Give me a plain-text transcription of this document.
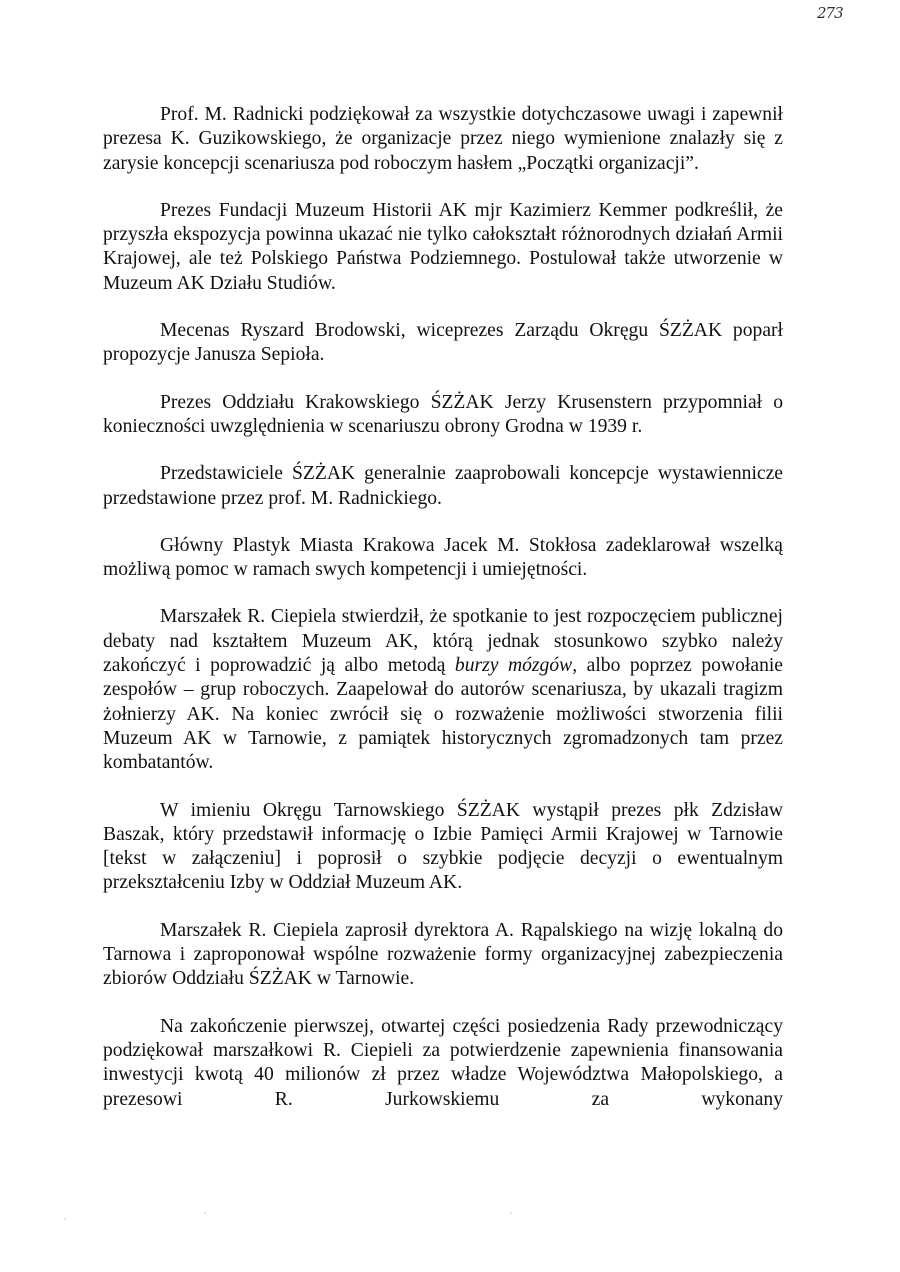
273

Prof. M. Radnicki podziękował za wszystkie dotychczasowe uwagi i zapewnił prezesa K. Guzikowskiego, że organizacje przez niego wymienione znalazły się z zarysie koncepcji scenariusza pod roboczym hasłem „Początki organizacji”.

Prezes Fundacji Muzeum Historii AK mjr Kazimierz Kemmer podkreślił, że przyszła ekspozycja powinna ukazać nie tylko całokształt różnorodnych działań Armii Krajowej, ale też Polskiego Państwa Podziemnego. Postulował także utworzenie w Muzeum AK Działu Studiów.

Mecenas Ryszard Brodowski, wiceprezes Zarządu Okręgu ŚZŻAK poparł propozycje Janusza Sepioła.

Prezes Oddziału Krakowskiego ŚZŻAK Jerzy Krusenstern przypomniał o konieczności uwzględnienia w scenariuszu obrony Grodna w 1939 r.

Przedstawiciele ŚZŻAK generalnie zaaprobowali koncepcje wystawiennicze przedstawione przez prof. M. Radnickiego.

Główny Plastyk Miasta Krakowa Jacek M. Stokłosa zadeklarował wszelką możliwą pomoc w ramach swych kompetencji i umiejętności.

Marszałek R. Ciepiela stwierdził, że spotkanie to jest rozpoczęciem publicznej debaty nad kształtem Muzeum AK, którą jednak stosunkowo szybko należy zakończyć i poprowadzić ją albo metodą burzy mózgów, albo poprzez powołanie zespołów – grup roboczych. Zaapelował do autorów scenariusza, by ukazali tragizm żołnierzy AK. Na koniec zwrócił się o rozważenie możliwości stworzenia filii Muzeum AK w Tarnowie, z pamiątek historycznych zgromadzonych tam przez kombatantów.

W imieniu Okręgu Tarnowskiego ŚZŻAK wystąpił prezes płk Zdzisław Baszak, który przedstawił informację o Izbie Pamięci Armii Krajowej w Tarnowie [tekst w załączeniu] i poprosił o szybkie podjęcie decyzji o ewentualnym przekształceniu Izby w Oddział Muzeum AK.

Marszałek R. Ciepiela zaprosił dyrektora A. Rąpalskiego na wizję lokalną do Tarnowa i zaproponował wspólne rozważenie formy organizacyjnej zabezpieczenia zbiorów Oddziału ŚZŻAK w Tarnowie.

Na zakończenie pierwszej, otwartej części posiedzenia Rady przewodniczący podziękował marszałkowi R. Ciepieli za potwierdzenie zapewnienia finansowania inwestycji kwotą 40 milionów zł przez władze Województwa Małopolskiego, a prezesowi R. Jurkowskiemu za wykonany
